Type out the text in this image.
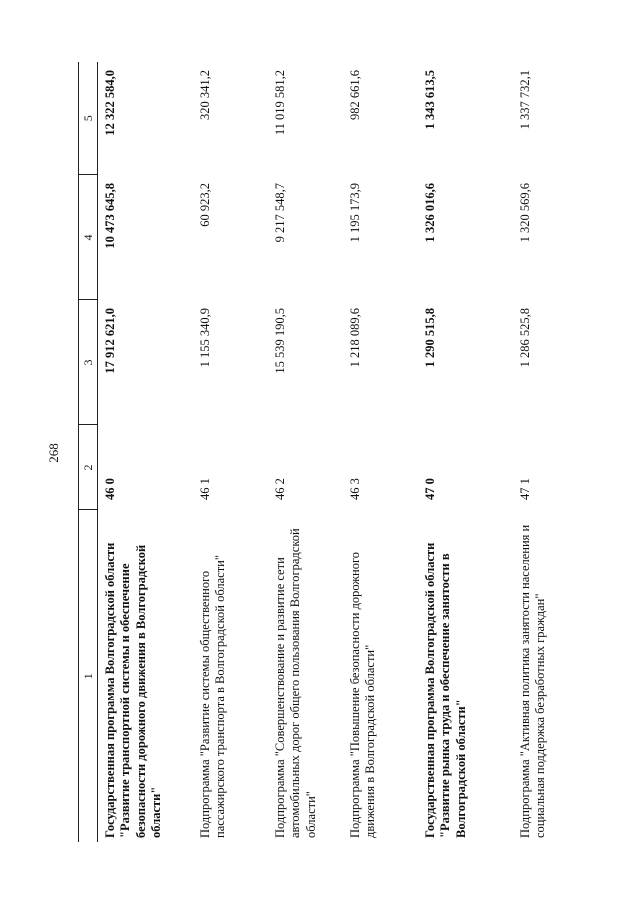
268
1	2	3	4	5
Государственная программа Волгоградской области "Развитие транспортной системы и обеспечение безопасности дорожного движения в Волгоградской области"	46 0	17 912 621,0	10 473 645,8	12 322 584,0
Подпрограмма "Развитие системы общественного пассажирского транспорта в Волгоградской области"	46 1	1 155 340,9	60 923,2	320 341,2
Подпрограмма "Совершенствование и развитие сети автомобильных дорог общего пользования Волгоградской области"	46 2	15 539 190,5	9 217 548,7	11 019 581,2
Подпрограмма "Повышение безопасности дорожного движения в Волгоградской области"	46 3	1 218 089,6	1 195 173,9	982 661,6
Государственная программа Волгоградской области "Развитие рынка труда и обеспечение занятости в Волгоградской области"	47 0	1 290 515,8	1 326 016,6	1 343 613,5
Подпрограмма "Активная политика занятости населения и социальная поддержка безработных граждан"	47 1	1 286 525,8	1 320 569,6	1 337 732,1
